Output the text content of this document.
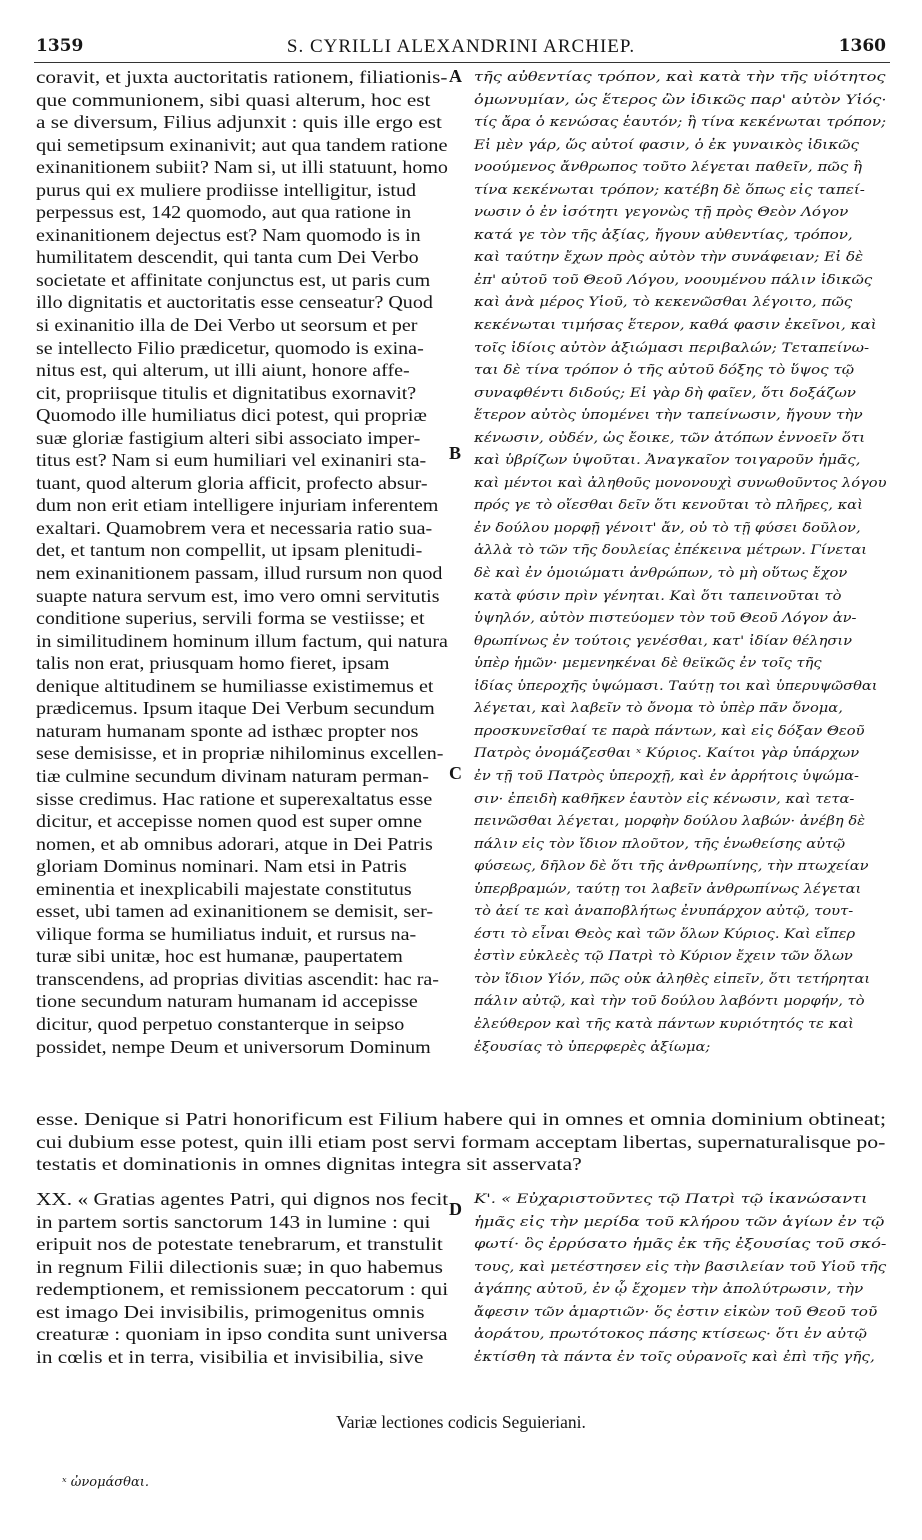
1359	S. CYRILLI ALEXANDRINI ARCHIEP.	1360

coravit, et juxta auctoritatis rationem, filiationis-

que communionem, sibi quasi alterum, hoc est

a se diversum, Filius adjunxit : quis ille ergo est

qui semetipsum exinanivit; aut qua tandem ratione

exinanitionem subiit? Nam si, ut illi statuunt, homo

purus qui ex muliere prodiisse intelligitur, istud

perpessus est, 142 quomodo, aut qua ratione in

exinanitionem dejectus est? Nam quomodo is in

humilitatem descendit, qui tanta cum Dei Verbo

societate et affinitate conjunctus est, ut paris cum

illo dignitatis et auctoritatis esse censeatur? Quod

si exinanitio illa de Dei Verbo ut seorsum et per

se intellecto Filio prædicetur, quomodo is exina-

nitus est, qui alterum, ut illi aiunt, honore affe-

cit, propriisque titulis et dignitatibus exornavit?

Quomodo ille humiliatus dici potest, qui propriæ

suæ gloriæ fastigium alteri sibi associato imper-

titus est? Nam si eum humiliari vel exinaniri sta-

tuant, quod alterum gloria afficit, profecto absur-

dum non erit etiam intelligere injuriam inferentem

exaltari. Quamobrem vera et necessaria ratio sua-

det, et tantum non compellit, ut ipsam plenitudi-

nem exinanitionem passam, illud rursum non quod

suapte natura servum est, imo vero omni servitutis

conditione superius, servili forma se vestiisse; et

in similitudinem hominum illum factum, qui natura

talis non erat, priusquam homo fieret, ipsam

denique altitudinem se humiliasse existimemus et

prædicemus. Ipsum itaque Dei Verbum secundum

naturam humanam sponte ad isthæc propter nos

sese demisisse, et in propriæ nihilominus excellen-

tiæ culmine secundum divinam naturam perman-

sisse credimus. Hac ratione et superexaltatus esse

dicitur, et accepisse nomen quod est super omne

nomen, et ab omnibus adorari, atque in Dei Patris

gloriam Dominus nominari. Nam etsi in Patris

eminentia et inexplicabili majestate constitutus

esset, ubi tamen ad exinanitionem se demisit, ser-

vilique forma se humiliatus induit, et rursus na-

turæ sibi unitæ, hoc est humanæ, paupertatem

transcendens, ad proprias divitias ascendit: hac ra-

tione secundum naturam humanam id accepisse

dicitur, quod perpetuo constanterque in seipso

possidet, nempe Deum et universorum Dominum

τῆς αὐθεντίας τρόπον, καὶ κατὰ τὴν τῆς υἱότητος

ὁμωνυμίαν, ὡς ἕτερος ὢν ἰδικῶς παρ' αὐτὸν Υἱός·

τίς ἄρα ὁ κενώσας ἑαυτόν; ἢ τίνα κεκένωται τρόπον;

Εἰ μὲν γάρ, ὥς αὐτοί φασιν, ὁ ἐκ γυναικὸς ἰδικῶς

νοούμενος ἄνθρωπος τοῦτο λέγεται παθεῖν, πῶς ἢ

τίνα κεκένωται τρόπον; κατέβη δὲ ὅπως εἰς ταπεί-

νωσιν ὁ ἐν ἰσότητι γεγονὼς τῇ πρὸς Θεὸν Λόγον

κατά γε τὸν τῆς ἀξίας, ἤγουν αὐθεντίας, τρόπον,

καὶ ταύτην ἔχων πρὸς αὐτὸν τὴν συνάφειαν; Εἰ δὲ

ἐπ' αὐτοῦ τοῦ Θεοῦ Λόγου, νοουμένου πάλιν ἰδικῶς

καὶ ἀνὰ μέρος Υἱοῦ, τὸ κεκενῶσθαι λέγοιτο, πῶς

κεκένωται τιμήσας ἕτερον, καθά φασιν ἐκεῖνοι, καὶ

τοῖς ἰδίοις αὐτὸν ἀξιώμασι περιβαλών; Τεταπείνω-

ται δὲ τίνα τρόπον ὁ τῆς αὐτοῦ δόξης τὸ ὕψος τῷ

συναφθέντι διδούς; Εἰ γὰρ δὴ φαῖεν, ὅτι δοξάζων

ἕτερον αὐτὸς ὑπομένει τὴν ταπείνωσιν, ἤγουν τὴν

κένωσιν, οὐδέν, ὡς ἔοικε, τῶν ἀτόπων ἐννοεῖν ὅτι

καὶ ὑβρίζων ὑψοῦται. Ἀναγκαῖον τοιγαροῦν ἡμᾶς,

καὶ μέντοι καὶ ἀληθοῦς μονονουχὶ συνωθοῦντος λόγου

πρός γε τὸ οἴεσθαι δεῖν ὅτι κενοῦται τὸ πλῆρες, καὶ

ἐν δούλου μορφῇ γένοιτ' ἄν, οὐ τὸ τῇ φύσει δοῦλον,

ἀλλὰ τὸ τῶν τῆς δουλείας ἐπέκεινα μέτρων. Γίνεται

δὲ καὶ ἐν ὁμοιώματι ἀνθρώπων, τὸ μὴ οὕτως ἔχον

κατὰ φύσιν πρὶν γένηται. Καὶ ὅτι ταπεινοῦται τὸ

ὑψηλόν, αὐτὸν πιστεύομεν τὸν τοῦ Θεοῦ Λόγον ἀν-

θρωπίνως ἐν τούτοις γενέσθαι, κατ' ἰδίαν θέλησιν

ὑπὲρ ἡμῶν· μεμενηκέναι δὲ θεϊκῶς ἐν τοῖς τῆς

ἰδίας ὑπεροχῆς ὑψώμασι. Ταύτῃ τοι καὶ ὑπερυψῶσθαι

λέγεται, καὶ λαβεῖν τὸ ὄνομα τὸ ὑπὲρ πᾶν ὄνομα,

προσκυνεῖσθαί τε παρὰ πάντων, καὶ εἰς δόξαν Θεοῦ

Πατρὸς ὀνομάζεσθαι ˣ Κύριος. Καίτοι γὰρ ὑπάρχων

ἐν τῇ τοῦ Πατρὸς ὑπεροχῇ, καὶ ἐν ἀρρήτοις ὑψώμα-

σιν· ἐπειδὴ καθῆκεν ἑαυτὸν εἰς κένωσιν, καὶ τετα-

πεινῶσθαι λέγεται, μορφὴν δούλου λαβών· ἀνέβη δὲ

πάλιν εἰς τὸν ἴδιον πλοῦτον, τῆς ἑνωθείσης αὐτῷ

φύσεως, δῆλον δὲ ὅτι τῆς ἀνθρωπίνης, τὴν πτωχείαν

ὑπερβραμών, ταύτῃ τοι λαβεῖν ἀνθρωπίνως λέγεται

τὸ ἀεί τε καὶ ἀναποβλήτως ἐνυπάρχον αὐτῷ, τουτ-

έστι τὸ εἶναι Θεὸς καὶ τῶν ὅλων Κύριος. Καὶ εἴπερ

ἐστὶν εὐκλεὲς τῷ Πατρὶ τὸ Κύριον ἔχειν τῶν ὅλων

τὸν ἴδιον Υἱόν, πῶς οὐκ ἀληθὲς εἰπεῖν, ὅτι τετήρηται

πάλιν αὐτῷ, καὶ τὴν τοῦ δούλου λαβόντι μορφήν, τὸ

ἐλεύθερον καὶ τῆς κατὰ πάντων κυριότητός τε καὶ

ἐξουσίας τὸ ὑπερφερὲς ἀξίωμα;

esse. Denique si Patri honorificum est Filium habere qui in omnes et omnia dominium obtineat;

cui dubium esse potest, quin illi etiam post servi formam acceptam libertas, supernaturalisque po-

testatis et dominationis in omnes dignitas integra sit asservata?

XX. « Gratias agentes Patri, qui dignos nos fecit

in partem sortis sanctorum 143 in lumine : qui

eripuit nos de potestate tenebrarum, et transtulit

in regnum Filii dilectionis suæ; in quo habemus

redemptionem, et remissionem peccatorum : qui

est imago Dei invisibilis, primogenitus omnis

creaturæ : quoniam in ipso condita sunt universa

in cœlis et in terra, visibilia et invisibilia, sive

Κ'. « Εὐχαριστοῦντες τῷ Πατρὶ τῷ ἱκανώσαντι

ἡμᾶς εἰς τὴν μερίδα τοῦ κλήρου τῶν ἁγίων ἐν τῷ

φωτί· ὃς ἐρρύσατο ἡμᾶς ἐκ τῆς ἐξουσίας τοῦ σκό-

τους, καὶ μετέστησεν εἰς τὴν βασιλείαν τοῦ Υἱοῦ τῆς

ἀγάπης αὐτοῦ, ἐν ᾧ ἔχομεν τὴν ἀπολύτρωσιν, τὴν

ἄφεσιν τῶν ἁμαρτιῶν· ὅς ἐστιν εἰκὼν τοῦ Θεοῦ τοῦ

ἀοράτου, πρωτότοκος πάσης κτίσεως· ὅτι ἐν αὐτῷ

ἐκτίσθη τὰ πάντα ἐν τοῖς οὐρανοῖς καὶ ἐπὶ τῆς γῆς,

A
B
C
D
Variæ lectiones codicis Seguieriani.
ˣ ὠνομάσθαι.
